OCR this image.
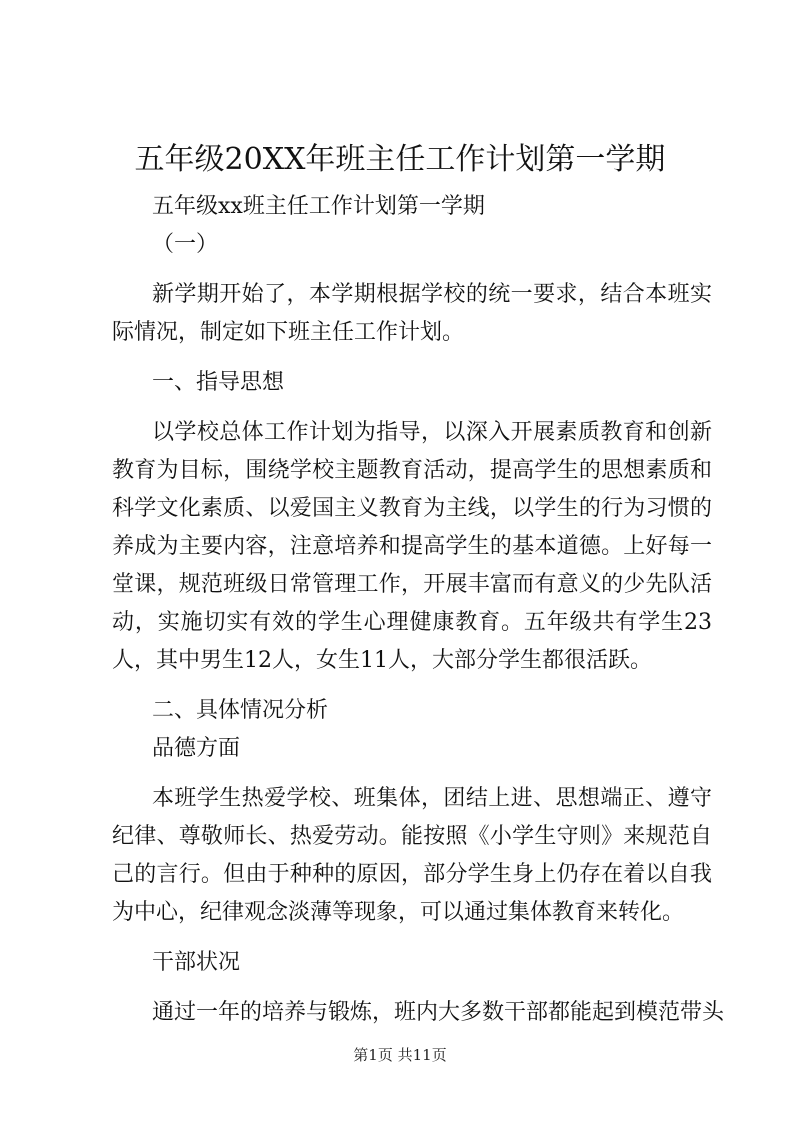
五年级20XX年班主任工作计划第一学期

五年级xx班主任工作计划第一学期

（一）

新学期开始了，本学期根据学校的统一要求，结合本班实际情况，制定如下班主任工作计划。

一、指导思想

以学校总体工作计划为指导，以深入开展素质教育和创新教育为目标，围绕学校主题教育活动，提高学生的思想素质和科学文化素质、以爱国主义教育为主线，以学生的行为习惯的养成为主要内容，注意培养和提高学生的基本道德。上好每一堂课，规范班级日常管理工作，开展丰富而有意义的少先队活动，实施切实有效的学生心理健康教育。五年级共有学生23人，其中男生12人，女生11人，大部分学生都很活跃。

二、具体情况分析

品德方面

本班学生热爱学校、班集体，团结上进、思想端正、遵守纪律、尊敬师长、热爱劳动。能按照《小学生守则》来规范自己的言行。但由于种种的原因，部分学生身上仍存在着以自我为中心，纪律观念淡薄等现象，可以通过集体教育来转化。

干部状况

通过一年的培养与锻炼，班内大多数干部都能起到模范带头

第1页 共11页
